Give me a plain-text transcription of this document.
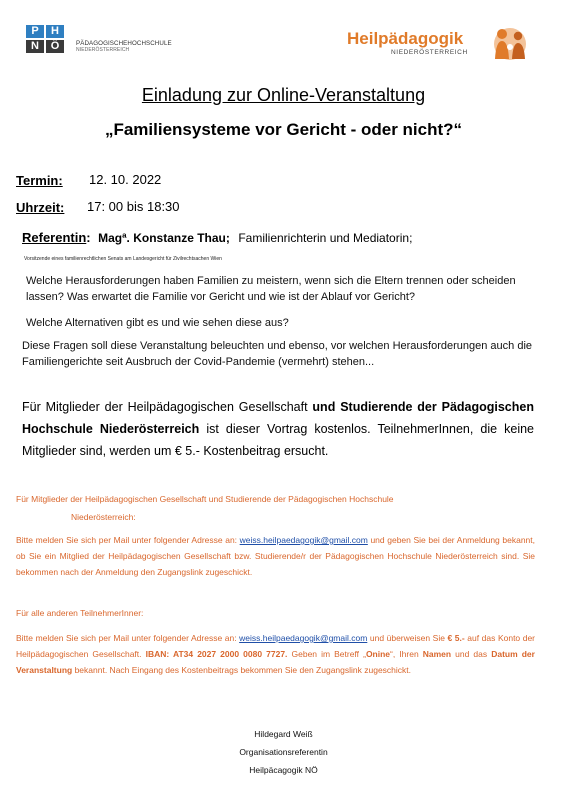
P	H
N	Ö	PÄDAGOGISCHEHOCHSCHULE
NIEDERÖSTERREICH
Heilpädagogik
NIEDERÖSTERREICH
Einladung zur Online-Veranstaltung
„Familiensysteme vor Gericht - oder nicht?“
Termin: 12. 10. 2022
Uhrzeit: 17: 00 bis 18:30
Referentin: Magª. Konstanze Thau; Familienrichterin und Mediatorin;
Vorsitzende eines familienrechtlichen Senats am Landesgericht für Zivilrechtsachen Wien
Welche Herausforderungen haben Familien zu meistern, wenn sich die Eltern trennen oder scheiden lassen? Was erwartet die Familie vor Gericht und wie ist der Ablauf vor Gericht?
Welche Alternativen gibt es und wie sehen diese aus?
Diese Fragen soll diese Veranstaltung beleuchten und ebenso, vor welchen Herausforderungen auch die Familiengerichte seit Ausbruch der Covid-Pandemie (vermehrt) stehen...
Für Mitglieder der Heilpädagogischen Gesellschaft und Studierende der Pädagogischen Hochschule Niederösterreich ist dieser Vortrag kostenlos. TeilnehmerInnen, die keine Mitglieder sind, werden um € 5.- Kostenbeitrag ersucht.
Für Mitglieder der Heilpädagogischen Gesellschaft und Studierende der Pädagogischen Hochschule
Niederösterreich:
Bitte melden Sie sich per Mail unter folgender Adresse an: weiss.heilpaedagogik@gmail.com und geben Sie bei der Anmeldung bekannt, ob Sie ein Mitglied der Heilpädagogischen Gesellschaft bzw. Studierende/r der Pädagogischen Hochschule Niederösterreich sind. Sie bekommen nach der Anmeldung den Zugangslink zugeschickt.
Für alle anderen TeilnehmerInner:
Bitte melden Sie sich per Mail unter folgender Adresse an: weiss.heilpaedagogik@gmail.com und überweisen Sie € 5.- auf das Konto der Heilpädagogischen Gesellschaft. IBAN: AT34 2027 2000 0080 7727. Geben im Betreff „Onine“, Ihren Namen und das Datum der Veranstaltung bekannt. Nach Eingang des Kostenbeitrags bekommen Sie den Zugangslink zugeschickt.
Hildegard Weiß
Organisationsreferentin
Heilpäcagogik NÖ
